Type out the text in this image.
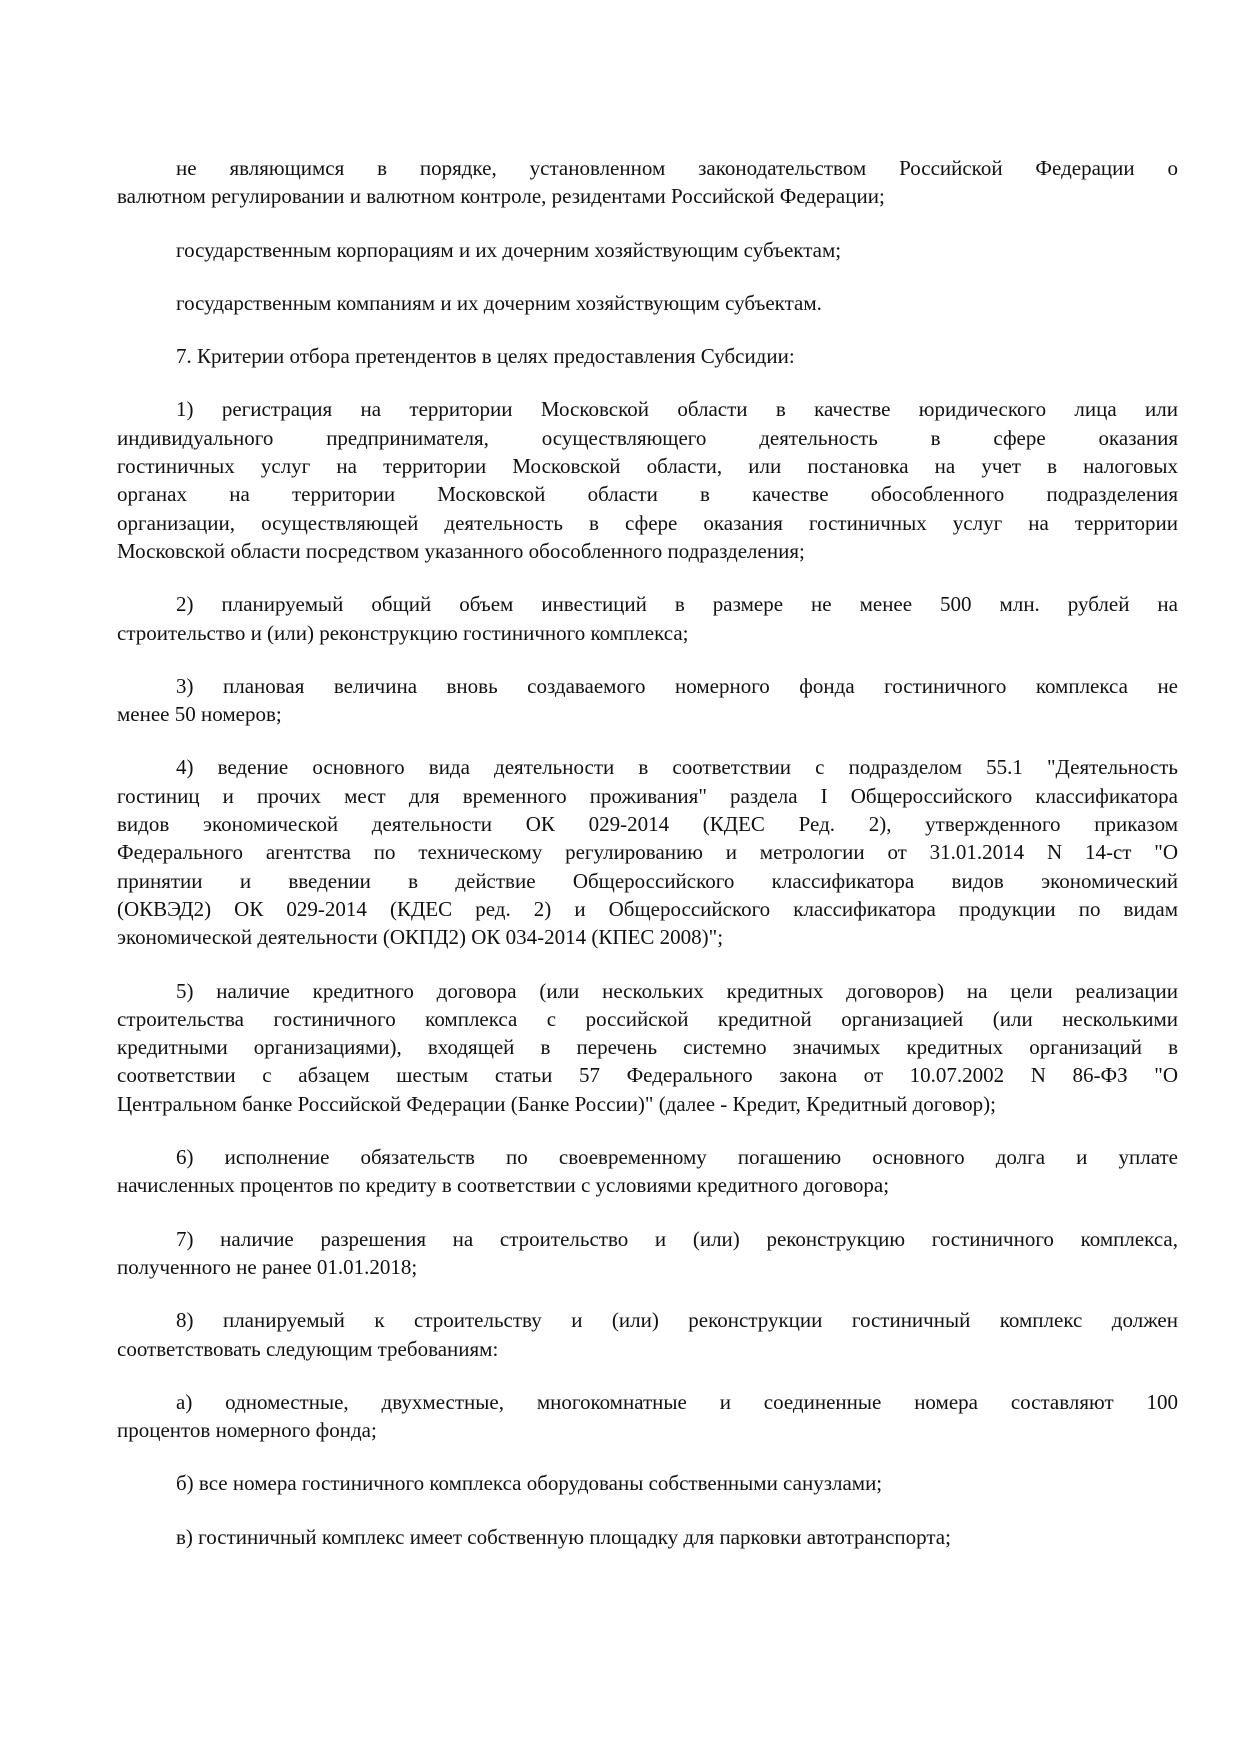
не являющимся в порядке, установленном законодательством Российской Федерации о
валютном регулировании и валютном контроле, резидентами Российской Федерации;
государственным корпорациям и их дочерним хозяйствующим субъектам;
государственным компаниям и их дочерним хозяйствующим субъектам.
7. Критерии отбора претендентов в целях предоставления Субсидии:
1) регистрация на территории Московской области в качестве юридического лица или
индивидуального предпринимателя, осуществляющего деятельность в сфере оказания
гостиничных услуг на территории Московской области, или постановка на учет в налоговых
органах на территории Московской области в качестве обособленного подразделения
организации, осуществляющей деятельность в сфере оказания гостиничных услуг на территории
Московской области посредством указанного обособленного подразделения;
2) планируемый общий объем инвестиций в размере не менее 500 млн. рублей на
строительство и (или) реконструкцию гостиничного комплекса;
3) плановая величина вновь создаваемого номерного фонда гостиничного комплекса не
менее 50 номеров;
4) ведение основного вида деятельности в соответствии с подразделом 55.1 "Деятельность
гостиниц и прочих мест для временного проживания" раздела I Общероссийского классификатора
видов экономической деятельности ОК 029-2014 (КДЕС Ред. 2), утвержденного приказом
Федерального агентства по техническому регулированию и метрологии от 31.01.2014 N 14-ст "О
принятии и введении в действие Общероссийского классификатора видов экономический
(ОКВЭД2) ОК 029-2014 (КДЕС ред. 2) и Общероссийского классификатора продукции по видам
экономической деятельности (ОКПД2) ОК 034-2014 (КПЕС 2008)";
5) наличие кредитного договора (или нескольких кредитных договоров) на цели реализации
строительства гостиничного комплекса с российской кредитной организацией (или несколькими
кредитными организациями), входящей в перечень системно значимых кредитных организаций в
соответствии с абзацем шестым статьи 57 Федерального закона от 10.07.2002 N 86-ФЗ "О
Центральном банке Российской Федерации (Банке России)" (далее - Кредит, Кредитный договор);
6) исполнение обязательств по своевременному погашению основного долга и уплате
начисленных процентов по кредиту в соответствии с условиями кредитного договора;
7) наличие разрешения на строительство и (или) реконструкцию гостиничного комплекса,
полученного не ранее 01.01.2018;
8) планируемый к строительству и (или) реконструкции гостиничный комплекс должен
соответствовать следующим требованиям:
а) одноместные, двухместные, многокомнатные и соединенные номера составляют 100
процентов номерного фонда;
б) все номера гостиничного комплекса оборудованы собственными санузлами;
в) гостиничный комплекс имеет собственную площадку для парковки автотранспорта;
